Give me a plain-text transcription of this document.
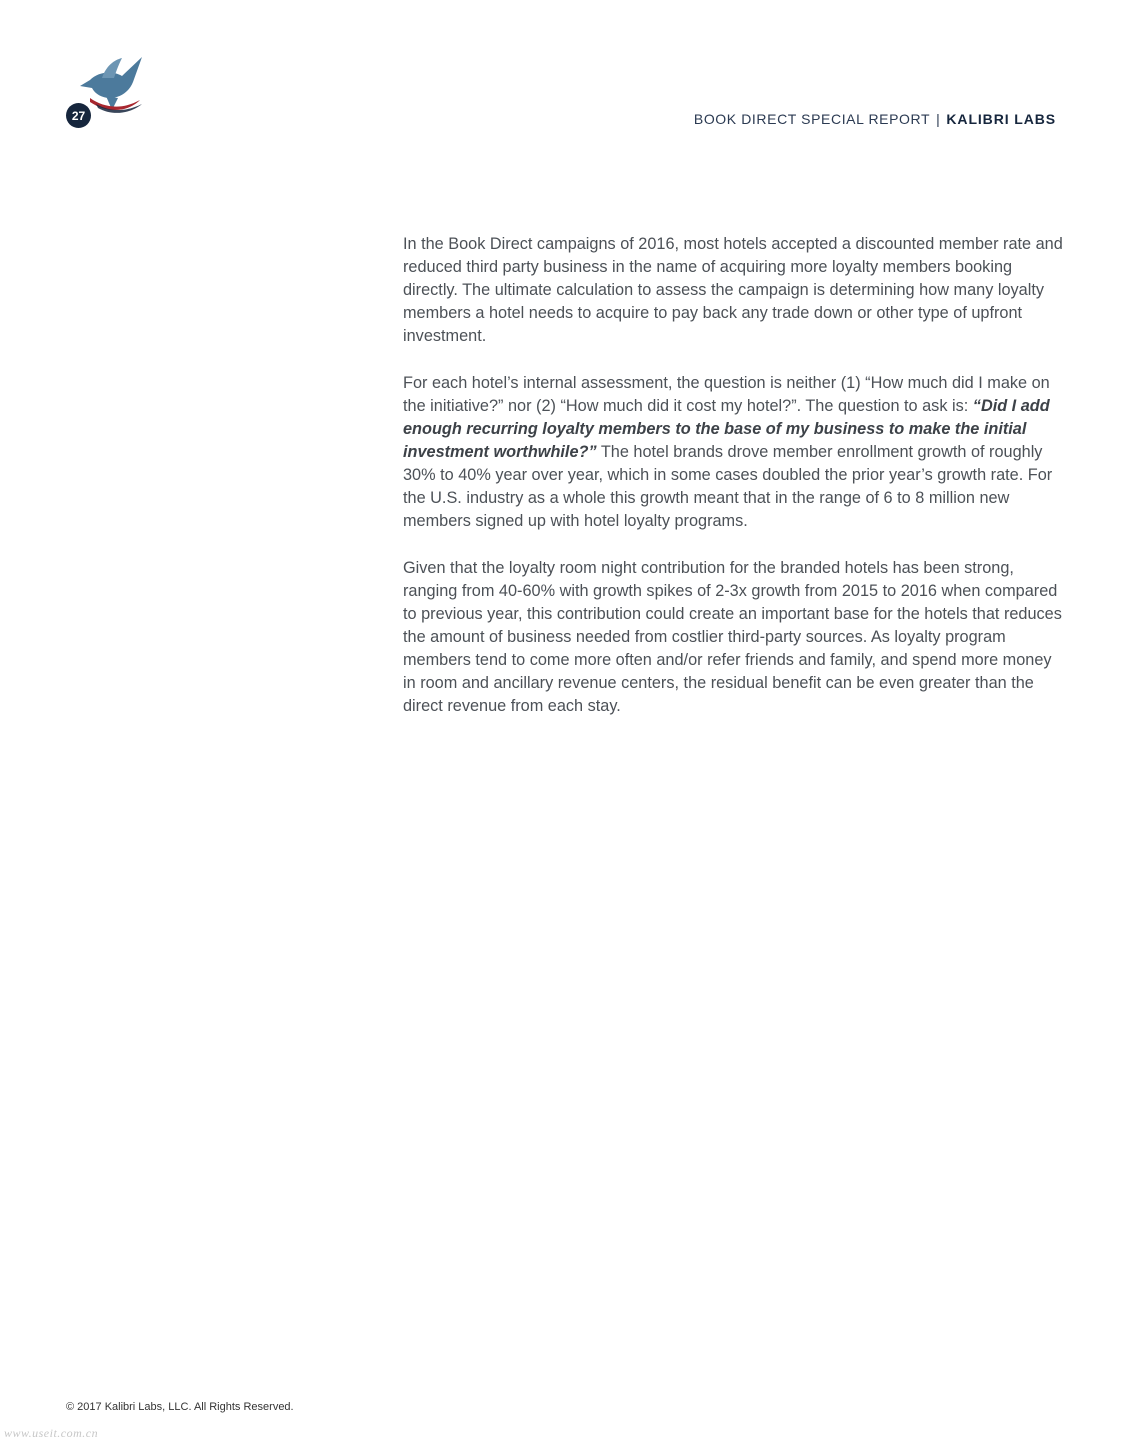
27	BOOK DIRECT SPECIAL REPORT | KALIBRI LABS

In the Book Direct campaigns of 2016, most hotels accepted a discounted member rate and reduced third party business in the name of acquiring more loyalty members booking directly. The ultimate calculation to assess the campaign is determining how many loyalty members a hotel needs to acquire to pay back any trade down or other type of upfront investment.

For each hotel’s internal assessment, the question is neither (1) “How much did I make on the initiative?” nor (2) “How much did it cost my hotel?”. The question to ask is: “Did I add enough recurring loyalty members to the base of my business to make the initial investment worthwhile?” The hotel brands drove member enrollment growth of roughly 30% to 40% year over year, which in some cases doubled the prior year’s growth rate. For the U.S. industry as a whole this growth meant that in the range of 6 to 8 million new members signed up with hotel loyalty programs.

Given that the loyalty room night contribution for the branded hotels has been strong, ranging from 40-60% with growth spikes of 2-3x growth from 2015 to 2016 when compared to previous year, this contribution could create an important base for the hotels that reduces the amount of business needed from costlier third-party sources. As loyalty program members tend to come more often and/or refer friends and family, and spend more money in room and ancillary revenue centers, the residual benefit can be even greater than the direct revenue from each stay.

© 2017 Kalibri Labs, LLC. All Rights Reserved.
www.useit.com.cn
